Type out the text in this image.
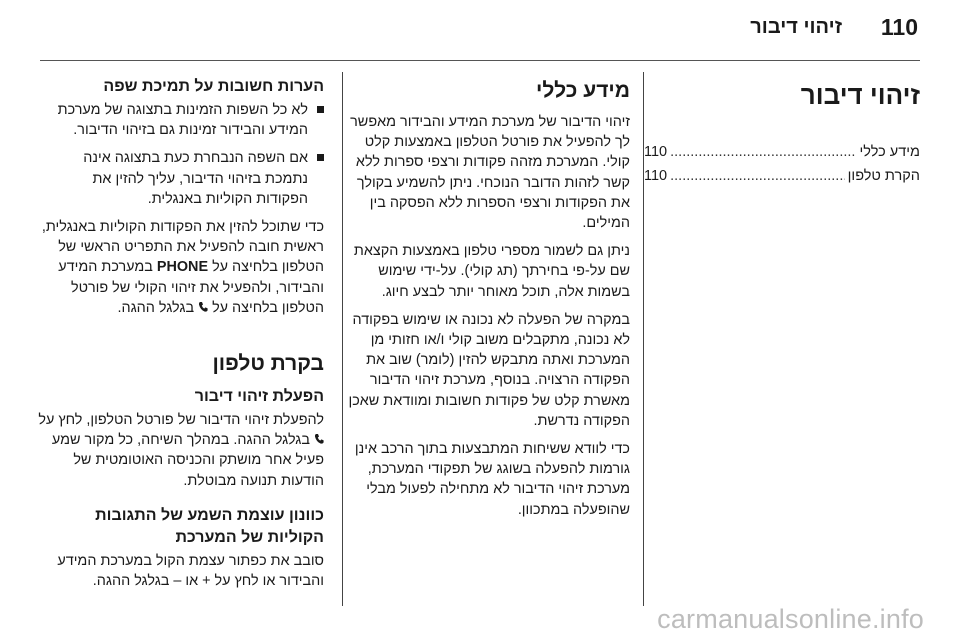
110
זיהוי דיבור
זיהוי דיבור
מידע כללי
.....
110
הקרת טלפון
.....
110
מידע כללי

זיהוי הדיבור של מערכת המידע והבידור מאפשר לך להפעיל את פורטל הטלפון באמצעות קלט קולי. המערכת מזהה פקודות ורצפי ספרות ללא קשר לזהות הדובר הנוכחי. ניתן להשמיע בקולך את הפקודות ורצפי הספרות ללא הפסקה בין המילים.

ניתן גם לשמור מספרי טלפון באמצעות הקצאת שם על-פי בחירתך (תג קולי). על-ידי שימוש בשמות אלה, תוכל מאוחר יותר לבצע חיוג.

במקרה של הפעלה לא נכונה או שימוש בפקודה לא נכונה, מתקבלים משוב קולי ו/או חזותי מן המערכת ואתה מתבקש להזין (לומר) שוב את הפקודה הרצויה. בנוסף, מערכת זיהוי הדיבור מאשרת קלט של פקודות חשובות ומוודאת שאכן הפקודה נדרשת.

כדי לוודא ששיחות המתבצעות בתוך הרכב אינן גורמות להפעלה בשוגג של תפקודי המערכת, מערכת זיהוי הדיבור לא מתחילה לפעול מבלי שהופעלה במתכוון.

הערות חשובות על תמיכת שפה
לא כל השפות הזמינות בתצוגה של מערכת המידע והבידור זמינות גם בזיהוי הדיבור.
אם השפה הנבחרת כעת בתצוגה אינה נתמכת בזיהוי הדיבור, עליך להזין את הפקודות הקוליות באנגלית.

כדי שתוכל להזין את הפקודות הקוליות באנגלית, ראשית חובה להפעיל את התפריט הראשי של הטלפון בלחיצה על PHONE במערכת המידע והבידור, ולהפעיל את זיהוי הקולי של פורטל הטלפון בלחיצה על  בגלגל ההגה.

בקרת טלפון
הפעלת זיהוי דיבור

להפעלת זיהוי הדיבור של פורטל הטלפון, לחץ על  בגלגל ההגה. במהלך השיחה, כל מקור שמע פעיל אחר מושתק והכניסה האוטומטית של הודעות תנועה מבוטלת.

כוונון עוצמת השמע של התגובות הקוליות של המערכת

סובב את כפתור עצמת הקול במערכת המידע והבידור או לחץ על + או – בגלגל ההגה.

carmanualsonline.info
